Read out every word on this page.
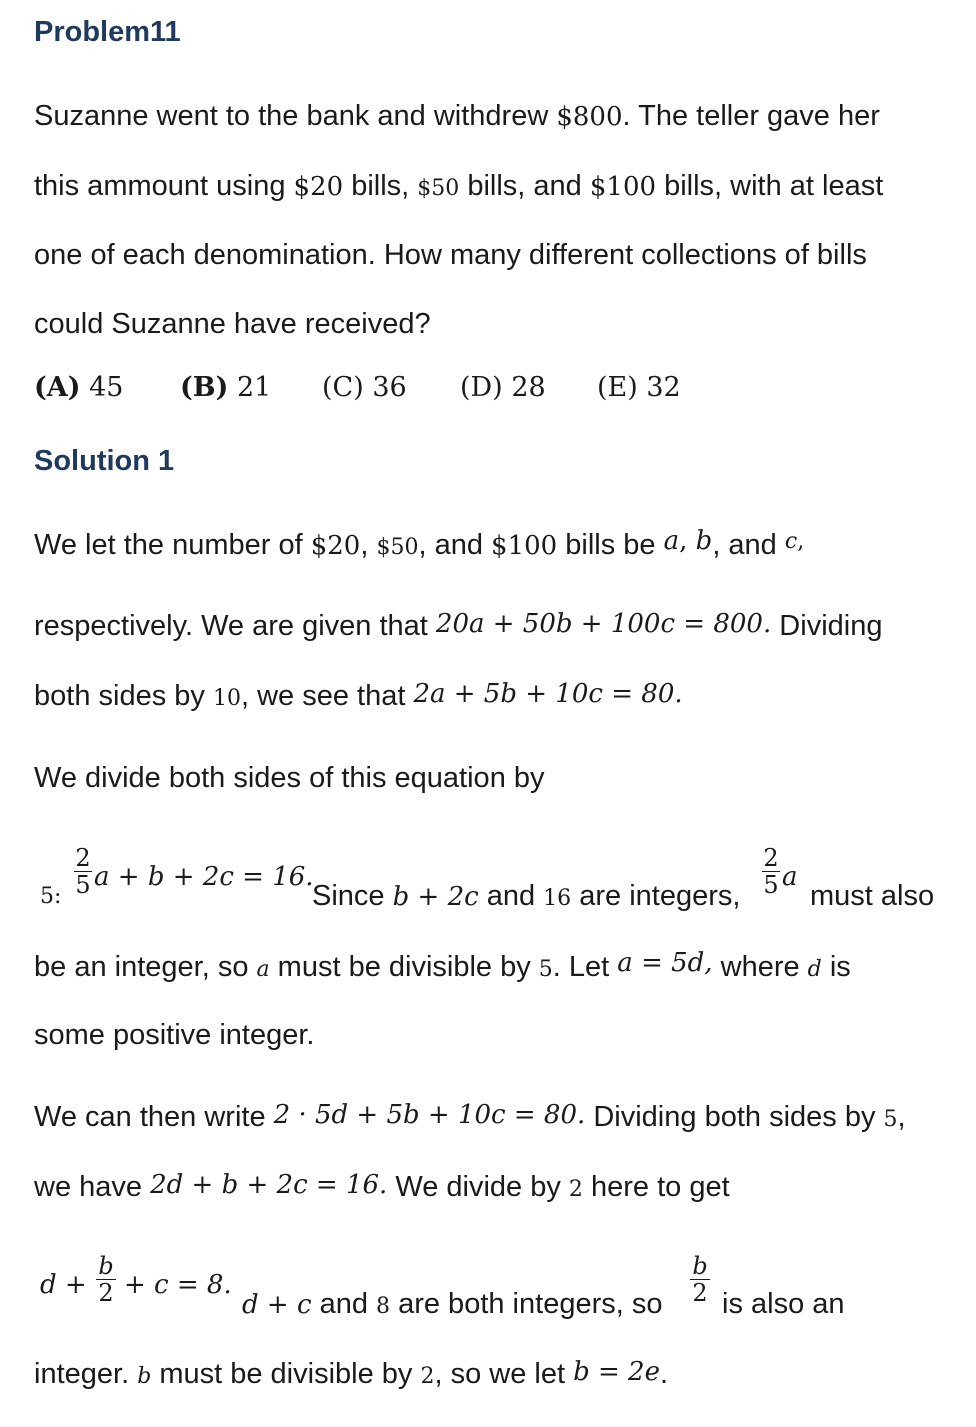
Problem11

Suzanne went to the bank and withdrew $800. The teller gave her

this ammount using $20 bills, $50 bills, and $100 bills, with at least

one of each denomination. How many different collections of bills

could Suzanne have received?

(A) 45 (B) 21 (C) 36 (D) 28 (E) 32
Solution 1

We let the number of $20, $50, and $100 bills be a, b, and $^{c,}$

respectively. We are given that 20a + 50b + 100c = 800. Dividing

both sides by 10, we see that 2a + 5b + 10c = 80.

We divide both sides of this equation by

5:
2
5 a + b + 2c = 16.
Since b + 2c and 16 are integers,
2
5 a
must also

be an integer, so a must be divisible by 5. Let a = 5d, where d is

some positive integer.

We can then write 2 · 5d + 5b + 10c = 80. Dividing both sides by 5,

we have 2d + b + 2c = 16. We divide by 2 here to get

d +
b
2 + c = 8.
d + c and 8 are both integers, so
b
2 is also an

integer. b must be divisible by 2, so we let b = 2e.
